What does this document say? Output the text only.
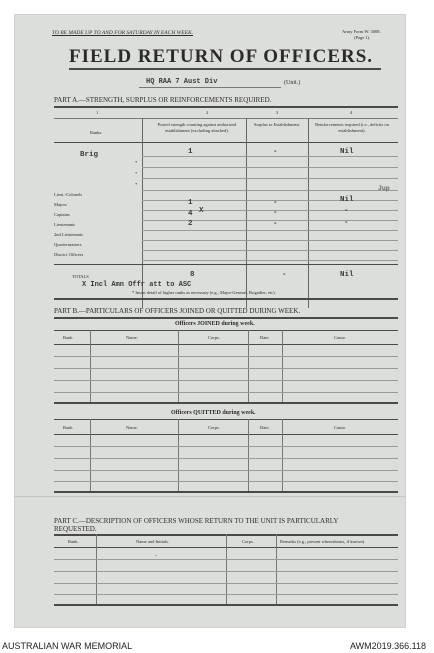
TO BE MADE UP TO AND FOR SATURDAY IN EACH WEEK.	Army Form W. 3008.
(Page 1).
FIELD RETURN OF OFFICERS.
HQ RAA 7 Aust Div	(Unit.)
PART A.—STRENGTH, SURPLUS OR REINFORCEMENTS REQUIRED.
1	2	3	4
Ranks.
Posted strength counting against authorized establishment (excluding attached).
Surplus to Establishment.	Reinforcements required (i.e., deficits on establishment).
Brig	1	-	Nil
*
*
*
Lieut.-Colonels
Majors	1	-	Nil
Captains	4 X	-	-
Lieutenants	2	-	-
2nd Lieutenants
Quartermasters
District Officers
Jup
TOTALS	8	-	Nil
X Incl Amn Offr att to ASC
* Insert detail of higher ranks as necessary (e.g., Major-General, Brigadier, etc).
PART B.—PARTICULARS OF OFFICERS JOINED OR QUITTED DURING WEEK.
Officers JOINED during week.
Rank.	Name.	Corps.	Date.	Cause.
Officers QUITTED during week.
Rank.	Name.	Corps.	Date.	Cause.
PART C.—DESCRIPTION OF OFFICERS WHOSE RETURN TO THE UNIT IS PARTICULARLY REQUESTED.
Rank.	Name and Initials.	Corps.	Remarks (e.g., present whereabouts, if known).
-
AUSTRALIAN WAR MEMORIAL	AWM2019.366.118
